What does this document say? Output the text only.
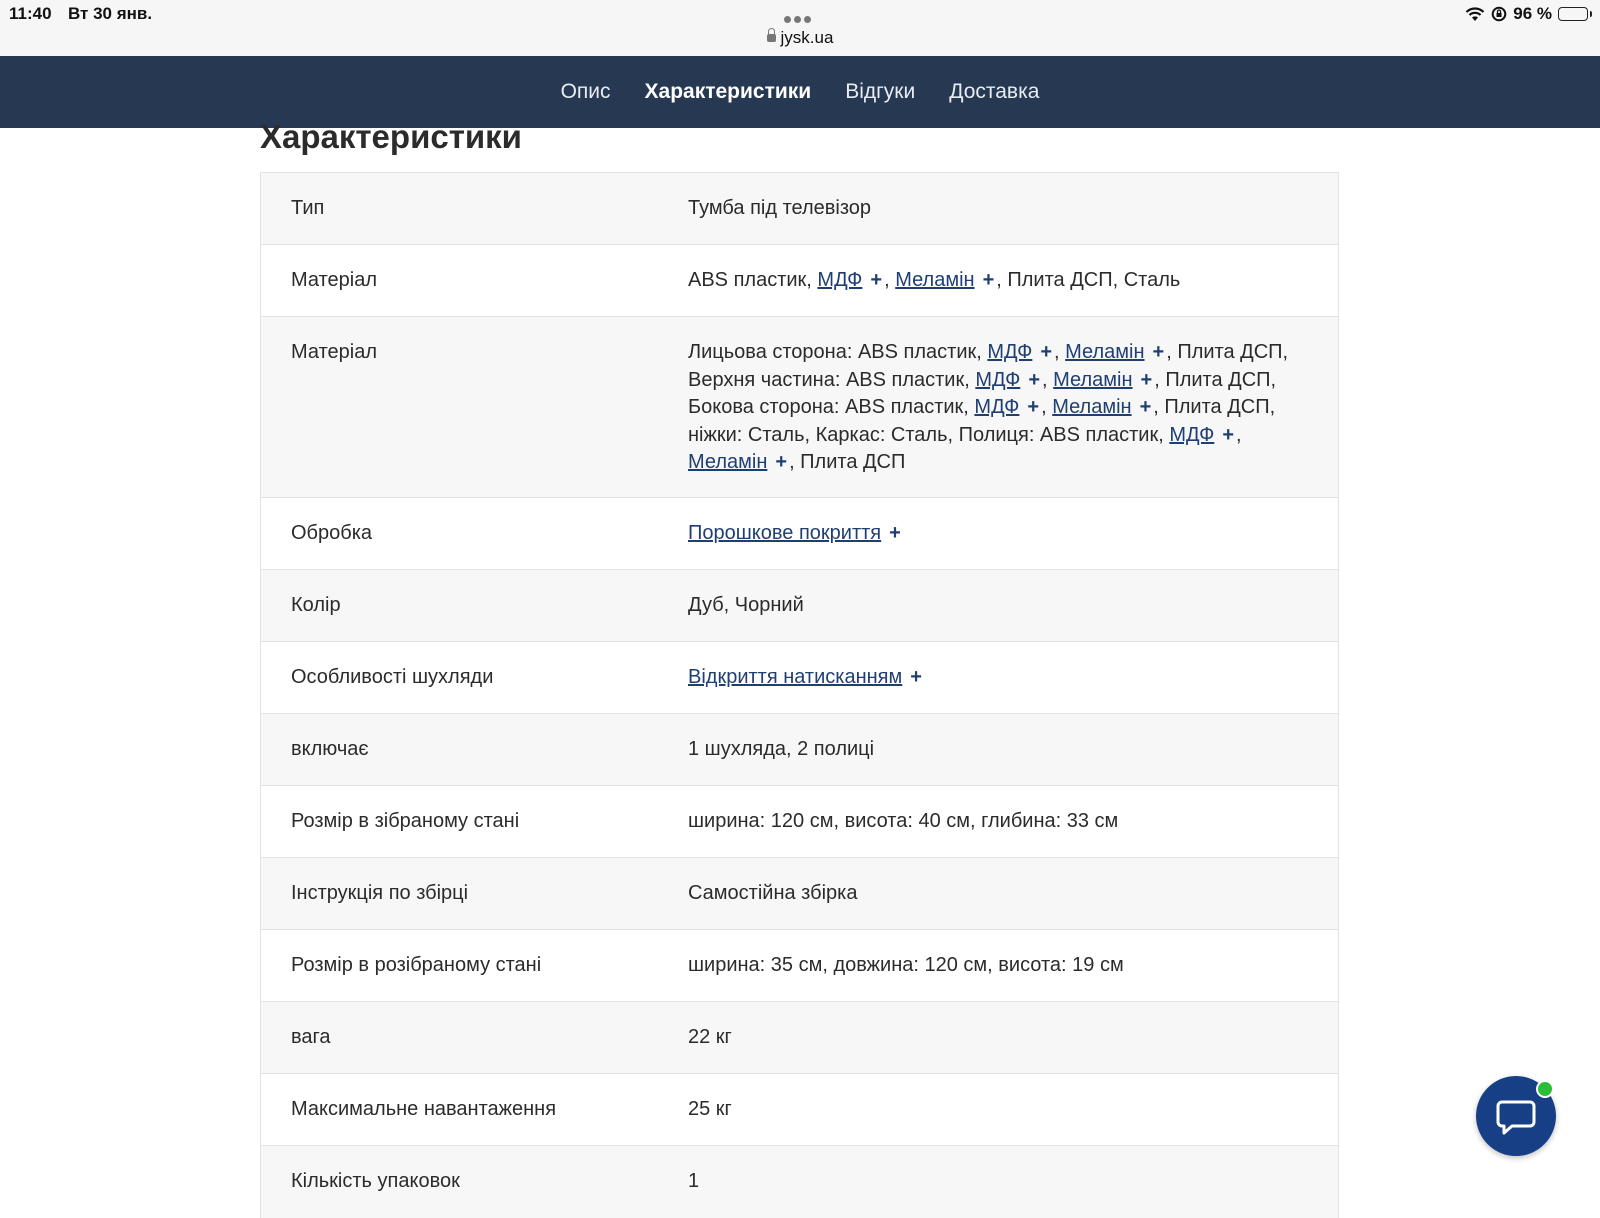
11:40 Вт 30 янв.
jysk.ua
96 %
Опис Характеристики Відгуки Доставка
Характеристики
Тип	Тумба під телевізор
Матеріал	ABS пластик, МДФ + , Меламін + , Плита ДСП, Сталь
Матеріал	Лицьова сторона: ABS пластик, МДФ + , Меламін + , Плита ДСП, Верхня частина: ABS пластик, МДФ + , Меламін + , Плита ДСП, Бокова сторона: ABS пластик, МДФ + , Меламін + , Плита ДСП, ніжки: Сталь, Каркас: Сталь, Полиця: ABS пластик, МДФ + , Меламін + , Плита ДСП
Обробка	Порошкове покриття +
Колір	Дуб, Чорний
Особливості шухляди	Відкриття натисканням +
включає	1 шухляда, 2 полиці
Розмір в зібраному стані	ширина: 120 см, висота: 40 см, глибина: 33 см
Інструкція по збірці	Самостійна збірка
Розмір в розібраному стані	ширина: 35 см, довжина: 120 см, висота: 19 см
вага	22 кг
Максимальне навантаження	25 кг
Кількість упаковок	1
